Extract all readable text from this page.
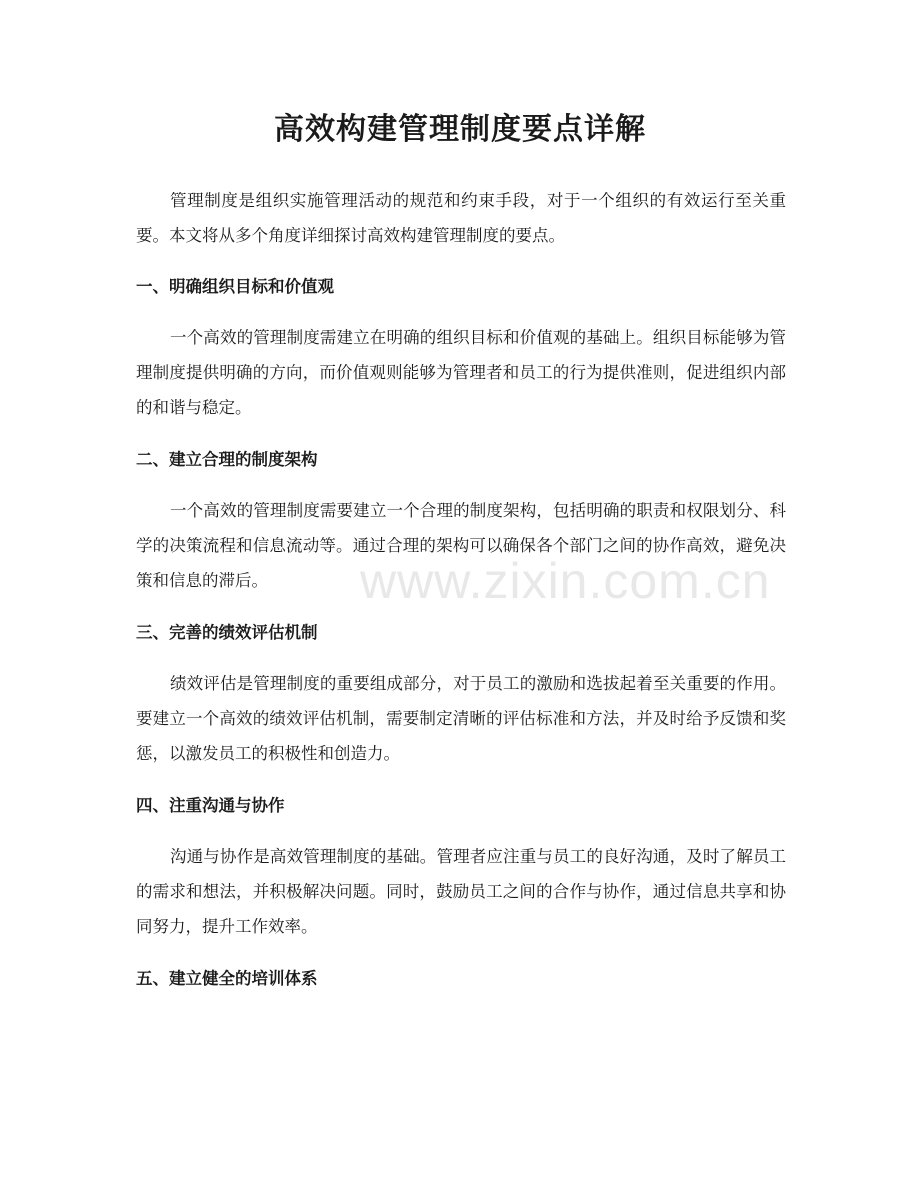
高效构建管理制度要点详解

管理制度是组织实施管理活动的规范和约束手段，对于一个组织的有效运行至关重要。本文将从多个角度详细探讨高效构建管理制度的要点。

一、明确组织目标和价值观

一个高效的管理制度需建立在明确的组织目标和价值观的基础上。组织目标能够为管理制度提供明确的方向，而价值观则能够为管理者和员工的行为提供准则，促进组织内部的和谐与稳定。

二、建立合理的制度架构

一个高效的管理制度需要建立一个合理的制度架构，包括明确的职责和权限划分、科学的决策流程和信息流动等。通过合理的架构可以确保各个部门之间的协作高效，避免决策和信息的滞后。

三、完善的绩效评估机制

绩效评估是管理制度的重要组成部分，对于员工的激励和选拔起着至关重要的作用。要建立一个高效的绩效评估机制，需要制定清晰的评估标准和方法，并及时给予反馈和奖惩，以激发员工的积极性和创造力。

四、注重沟通与协作

沟通与协作是高效管理制度的基础。管理者应注重与员工的良好沟通，及时了解员工的需求和想法，并积极解决问题。同时，鼓励员工之间的合作与协作，通过信息共享和协同努力，提升工作效率。

五、建立健全的培训体系
www.zixin.com.cn
